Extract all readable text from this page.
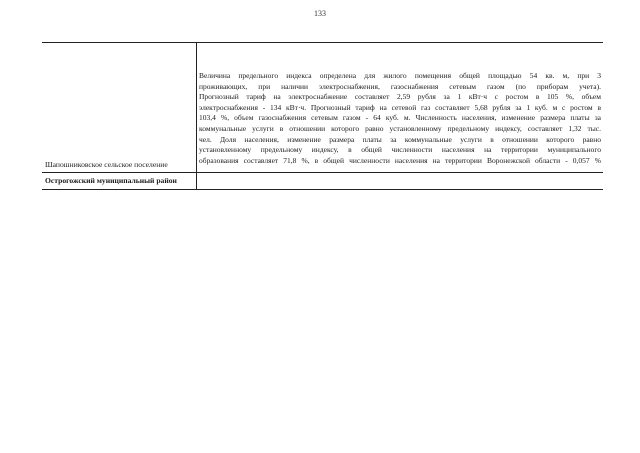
133
Шапошниковское сельское поселение
Величина предельного индекса определена для жилого помещения общей площадью 54 кв. м, при 3
проживающих, при наличии электроснабжения, газоснабжения сетевым газом (по приборам учета).
Прогнозный тариф на электроснабжение составляет 2,59 рубля за 1 кВт·ч с ростом в 105 %, объем
электроснабжения - 134 кВт·ч. Прогнозный тариф на сетевой газ составляет 5,68 рубля за 1 куб. м с ростом в
103,4 %, объем газоснабжения сетевым газом - 64 куб. м. Численность населения, изменение размера платы за
коммунальные услуги в отношении которого равно установленному предельному индексу, составляет 1,32 тыс.
чел. Доля населения, изменение размера платы за коммунальные услуги в отношении которого равно
установленному предельному индексу, в общей численности населения на территории муниципального
образования составляет 71,8 %, в общей численности населения на территории Воронежской области - 0,057 %
Острогожский муниципальный район
